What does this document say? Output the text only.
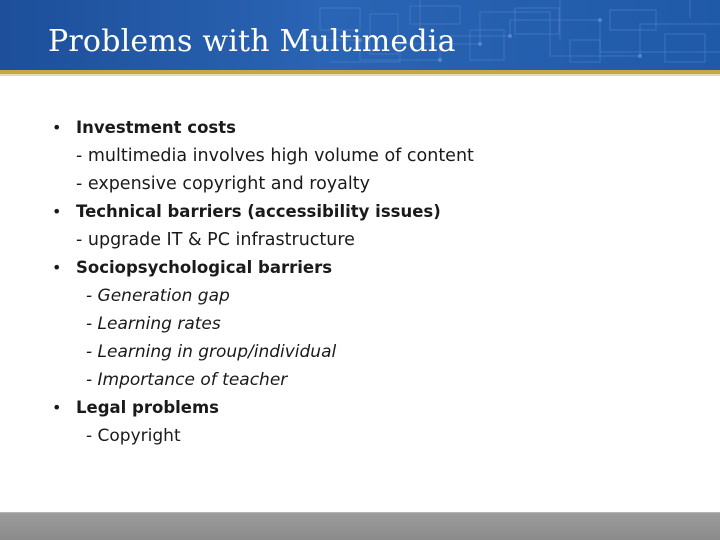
Problems with Multimedia
• Investment costs
- multimedia involves high volume of content
- expensive copyright and royalty
• Technical barriers (accessibility issues)
- upgrade IT & PC infrastructure
• Sociopsychological barriers
- Generation gap
- Learning rates
- Learning in group/individual
- Importance of teacher
• Legal problems
- Copyright
